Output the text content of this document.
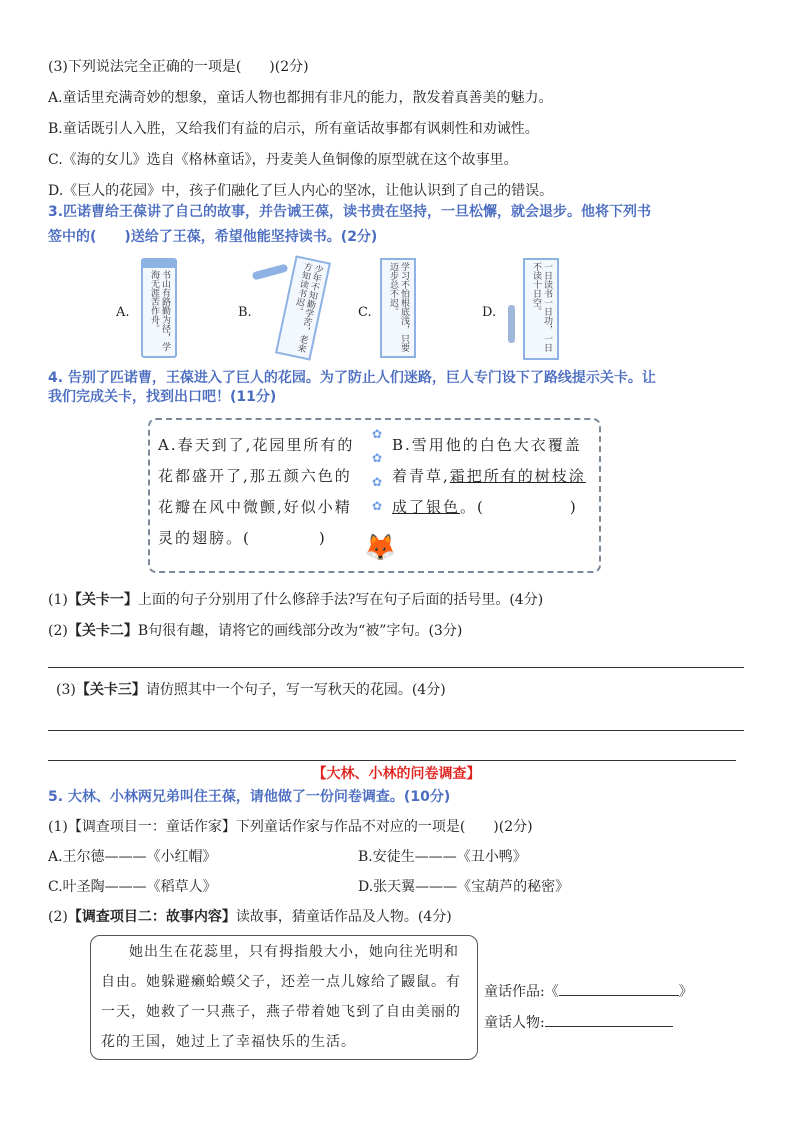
(3)下列说法完全正确的一项是(　　)(2分)
A.童话里充满奇妙的想象，童话人物也都拥有非凡的能力，散发着真善美的魅力。
B.童话既引人入胜，又给我们有益的启示，所有童话故事都有讽刺性和劝诫性。
C.《海的女儿》选自《格林童话》，丹麦美人鱼铜像的原型就在这个故事里。
D.《巨人的花园》中，孩子们融化了巨人内心的坚冰，让他认识到了自己的错误。
3.匹诺曹给王葆讲了自己的故事，并告诫王葆，读书贵在坚持，一旦松懈，就会退步。他将下列书
签中的(　　)送给了王葆，希望他能坚持读书。(2分)
A.	书山有路勤为径，学海无涯苦作舟。	B.	少年不知勤学苦，老来方知读书迟。	C.	学习不怕根底浅，只要迈步总不迟。	D.	一日读书一日功，一日不读十日空。
4. 告别了匹诺曹，王葆进入了巨人的花园。为了防止人们迷路，巨人专门设下了路线提示关卡。让
我们完成关卡，找到出口吧！(11分)
A.春天到了,花园里所有的
花都盛开了,那五颜六色的
花瓣在风中微颤,好似小精
灵的翅膀。(　　　　)
✿
✿
✿
✿
🦊
B.雪用他的白色大衣覆盖
着青草,霜把所有的树枝涂
成了银色。(　　　　　)
(1)【关卡一】上面的句子分别用了什么修辞手法?写在句子后面的括号里。(4分)
(2)【关卡二】B句很有趣，请将它的画线部分改为“被”字句。(3分)
(3)【关卡三】请仿照其中一个句子，写一写秋天的花园。(4分)
【大林、小林的问卷调查】
5. 大林、小林两兄弟叫住王葆，请他做了一份问卷调查。(10分)
(1)【调查项目一：童话作家】下列童话作家与作品不对应的一项是(　　)(2分)
A.王尔德———《小红帽》	B.安徒生———《丑小鸭》
C.叶圣陶———《稻草人》	D.张天翼———《宝葫芦的秘密》
(2)【调查项目二：故事内容】读故事，猜童话作品及人物。(4分)
她出生在花蕊里，只有拇指般大小，她向往光明和自由。她躲避癞蛤蟆父子，还差一点儿嫁给了鼹鼠。有一天，她救了一只燕子，燕子带着她飞到了自由美丽的花的王国，她过上了幸福快乐的生活。
童话作品:《	》
童话人物:
